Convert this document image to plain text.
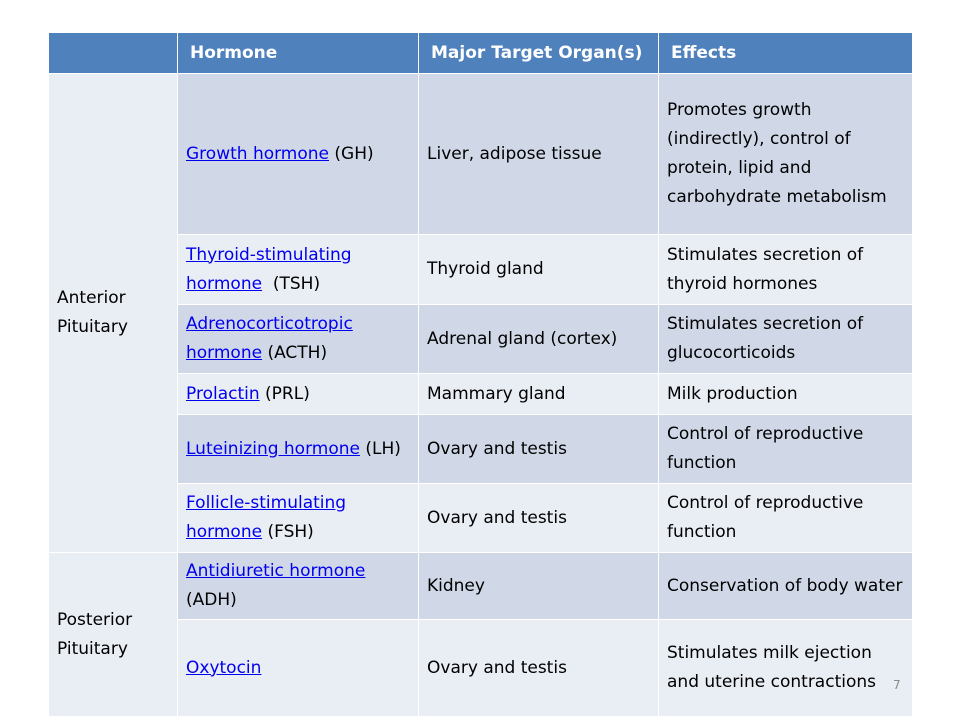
	Hormone	Major Target Organ(s)	Effects
Anterior Pituitary	Growth hormone (GH)	Liver, adipose tissue	Promotes growth (indirectly), control of protein, lipid and carbohydrate metabolism
	Thyroid-stimulating hormone  (TSH)	Thyroid gland	Stimulates secretion of thyroid hormones
	Adrenocorticotropic hormone (ACTH)	Adrenal gland (cortex)	Stimulates secretion of glucocorticoids
	Prolactin (PRL)	Mammary gland	Milk production
	Luteinizing hormone (LH)	Ovary and testis	Control of reproductive function
	Follicle-stimulating hormone (FSH)	Ovary and testis	Control of reproductive function
Posterior Pituitary	Antidiuretic hormone (ADH)	Kidney	Conservation of body water
	Oxytocin	Ovary and testis	Stimulates milk ejection and uterine contractions 7
